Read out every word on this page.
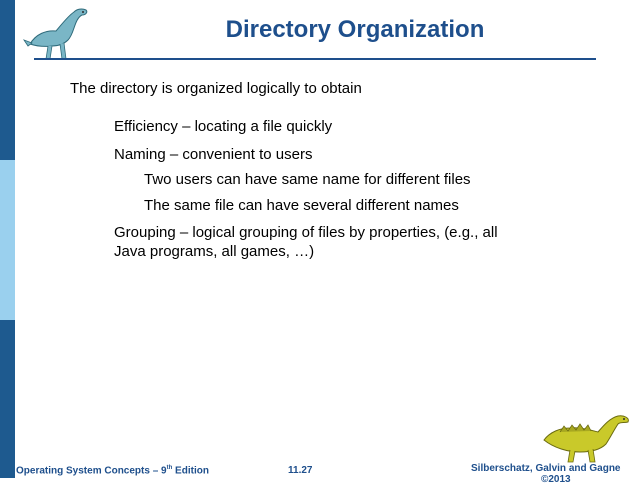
Directory Organization
The directory is organized logically to obtain
Efficiency – locating a file quickly
Naming – convenient to users
Two users can have same name for different files
The same file can have several different names
Grouping – logical grouping of files by properties, (e.g., all
Java programs, all games, …)
Operating System Concepts – 9th Edition	11.27	Silberschatz, Galvin and Gagne
©2013
